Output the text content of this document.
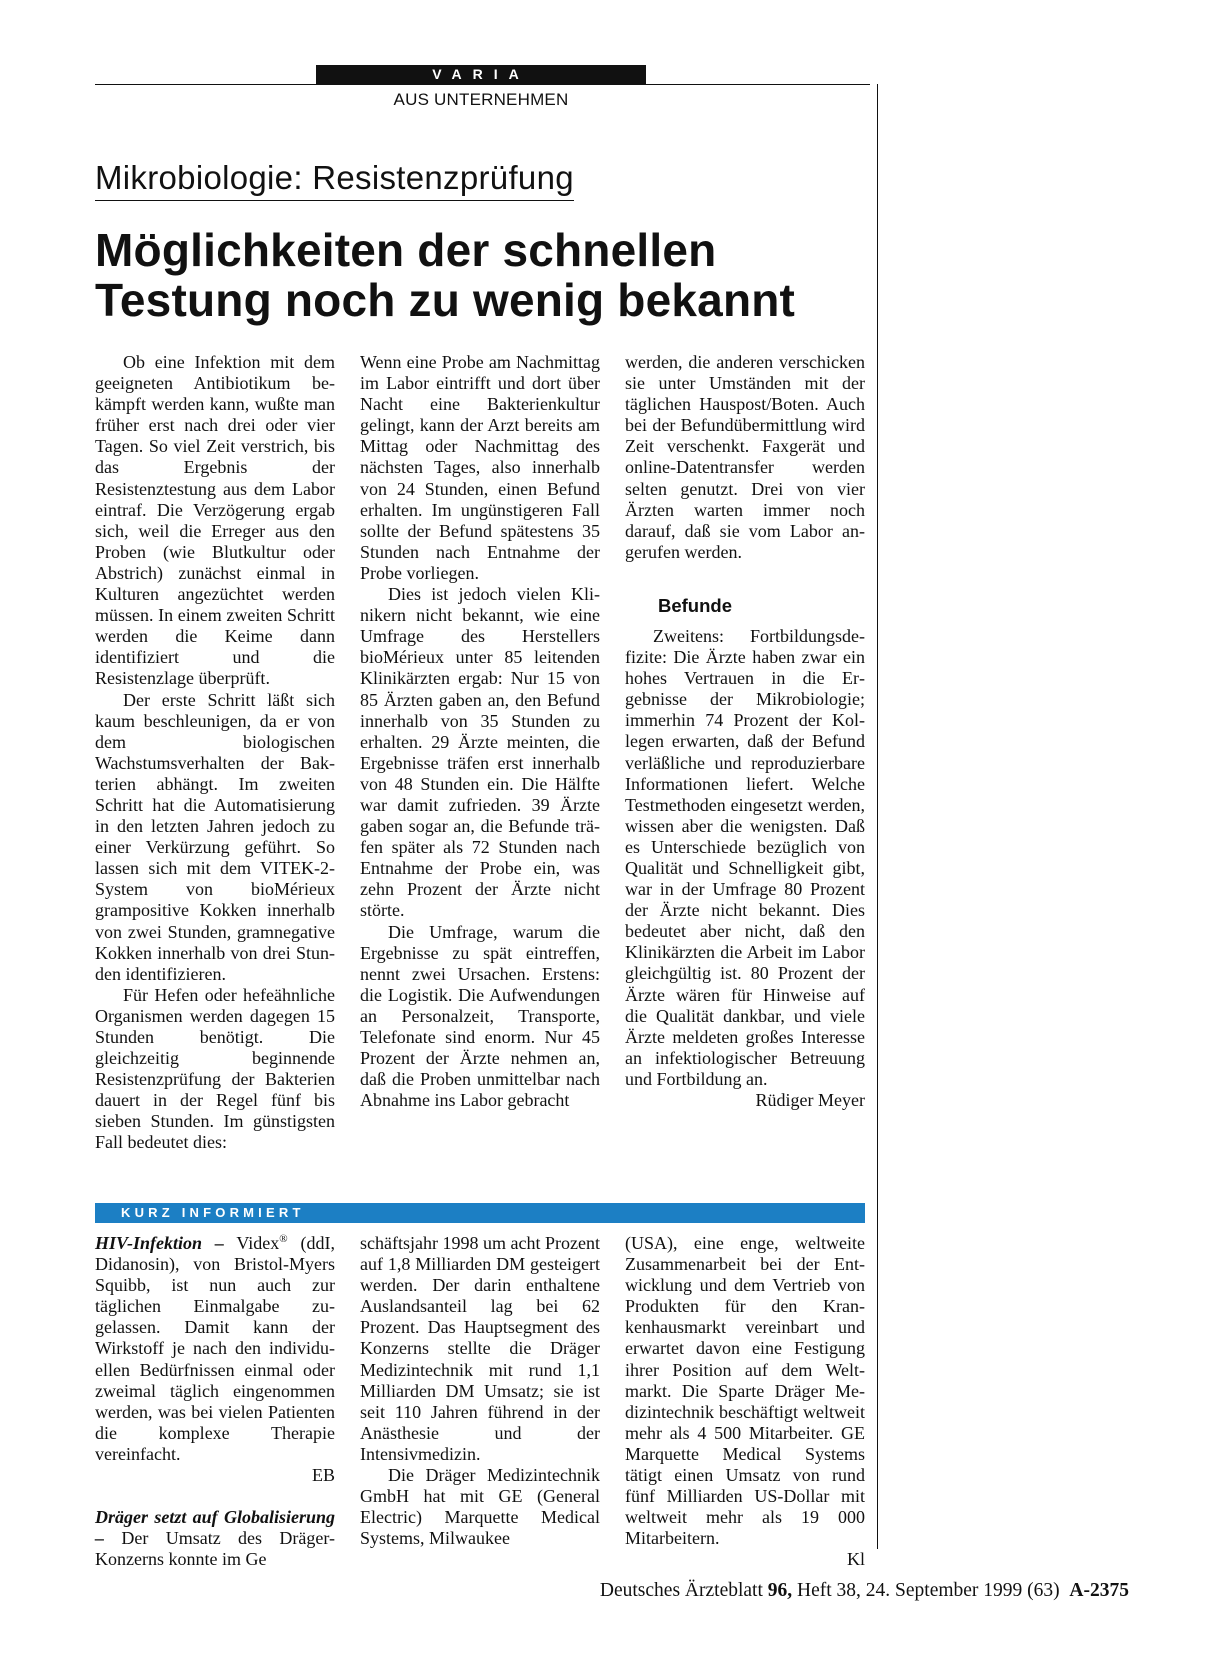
VARIA
AUS UNTERNEHMEN
Mikrobiologie: Resistenzprüfung
Möglichkeiten der schnellen
Testung noch zu wenig bekannt

Ob eine Infektion mit dem geeigneten Antibiotikum bekämpft werden kann, wußte man früher erst nach drei oder vier Tagen. So viel Zeit verstrich, bis das Ergebnis der Resistenztestung aus dem Labor eintraf. Die Verzögerung ergab sich, weil die Erreger aus den Proben (wie Blutkultur oder Abstrich) zunächst einmal in Kulturen angezüchtet werden müssen. In einem zweiten Schritt werden die Keime dann identifiziert und die Resistenzlage überprüft.

Der erste Schritt läßt sich kaum beschleunigen, da er von dem biologischen Wachstumsverhalten der Bakterien abhängt. Im zweiten Schritt hat die Automatisierung in den letzten Jahren jedoch zu einer Verkürzung geführt. So lassen sich mit dem VITEK-2-System von bioMérieux grampositive Kokken innerhalb von zwei Stunden, gramnegative Kokken innerhalb von drei Stunden identifizieren.

Für Hefen oder hefeähnliche Organismen werden dagegen 15 Stunden benötigt. Die gleichzeitig beginnende Resistenzprüfung der Bakterien dauert in der Regel fünf bis sieben Stunden. Im günstigsten Fall bedeutet dies:

Wenn eine Probe am Nachmittag im Labor eintrifft und dort über Nacht eine Bakterienkultur gelingt, kann der Arzt bereits am Mittag oder Nachmittag des nächsten Tages, also innerhalb von 24 Stunden, einen Befund erhalten. Im ungünstigeren Fall sollte der Befund spätestens 35 Stunden nach Entnahme der Probe vorliegen.

Dies ist jedoch vielen Klinikern nicht bekannt, wie eine Umfrage des Herstellers bioMérieux unter 85 leitenden Klinikärzten ergab: Nur 15 von 85 Ärzten gaben an, den Befund innerhalb von 35 Stunden zu erhalten. 29 Ärzte meinten, die Ergebnisse träfen erst innerhalb von 48 Stunden ein. Die Hälfte war damit zufrieden. 39 Ärzte gaben sogar an, die Befunde träfen später als 72 Stunden nach Entnahme der Probe ein, was zehn Prozent der Ärzte nicht störte.

Die Umfrage, warum die Ergebnisse zu spät eintreffen, nennt zwei Ursachen. Erstens: die Logistik. Die Aufwendungen an Personalzeit, Transporte, Telefonate sind enorm. Nur 45 Prozent der Ärzte nehmen an, daß die Proben unmittelbar nach Abnahme ins Labor gebracht

werden, die anderen verschicken sie unter Umständen mit der täglichen Hauspost/Boten. Auch bei der Befundübermittlung wird Zeit verschenkt. Faxgerät und online-Datentransfer werden selten genutzt. Drei von vier Ärzten warten immer noch darauf, daß sie vom Labor angerufen werden.

Befunde

Zweitens: Fortbildungsdefizite: Die Ärzte haben zwar ein hohes Vertrauen in die Ergebnisse der Mikrobiologie; immerhin 74 Prozent der Kollegen erwarten, daß der Befund verläßliche und reproduzierbare Informationen liefert. Welche Testmethoden eingesetzt werden, wissen aber die wenigsten. Daß es Unterschiede bezüglich von Qualität und Schnelligkeit gibt, war in der Umfrage 80 Prozent der Ärzte nicht bekannt. Dies bedeutet aber nicht, daß den Klinikärzten die Arbeit im Labor gleichgültig ist. 80 Prozent der Ärzte wären für Hinweise auf die Qualität dankbar, und viele Ärzte meldeten großes Interesse an infektiologischer Betreuung und Fortbildung an.

Rüdiger Meyer
KURZ INFORMIERT

HIV-Infektion – Videx® (ddI, Didanosin), von Bristol-Myers Squibb, ist nun auch zur täglichen Einmalgabe zugelassen. Damit kann der Wirkstoff je nach den individuellen Bedürfnissen einmal oder zweimal täglich eingenommen werden, was bei vielen Patienten die komplexe Therapie vereinfacht.

EB

Dräger setzt auf Globalisierung – Der Umsatz des Dräger-Konzerns konnte im Ge

schäftsjahr 1998 um acht Prozent auf 1,8 Milliarden DM gesteigert werden. Der darin enthaltene Auslandsanteil lag bei 62 Prozent. Das Hauptsegment des Konzerns stellte die Dräger Medizintechnik mit rund 1,1 Milliarden DM Umsatz; sie ist seit 110 Jahren führend in der Anästhesie und der Intensivmedizin.

Die Dräger Medizintechnik GmbH hat mit GE (General Electric) Marquette Medical Systems, Milwaukee

(USA), eine enge, weltweite Zusammenarbeit bei der Entwicklung und dem Vertrieb von Produkten für den Krankenhausmarkt vereinbart und erwartet davon eine Festigung ihrer Position auf dem Weltmarkt. Die Sparte Dräger Medizintechnik beschäftigt weltweit mehr als 4 500 Mitarbeiter. GE Marquette Medical Systems tätigt einen Umsatz von rund fünf Milliarden US-Dollar mit weltweit mehr als 19 000 Mitarbeitern.

Kl
Deutsches Ärzteblatt 96, Heft 38, 24. September 1999 (63) A-2375
